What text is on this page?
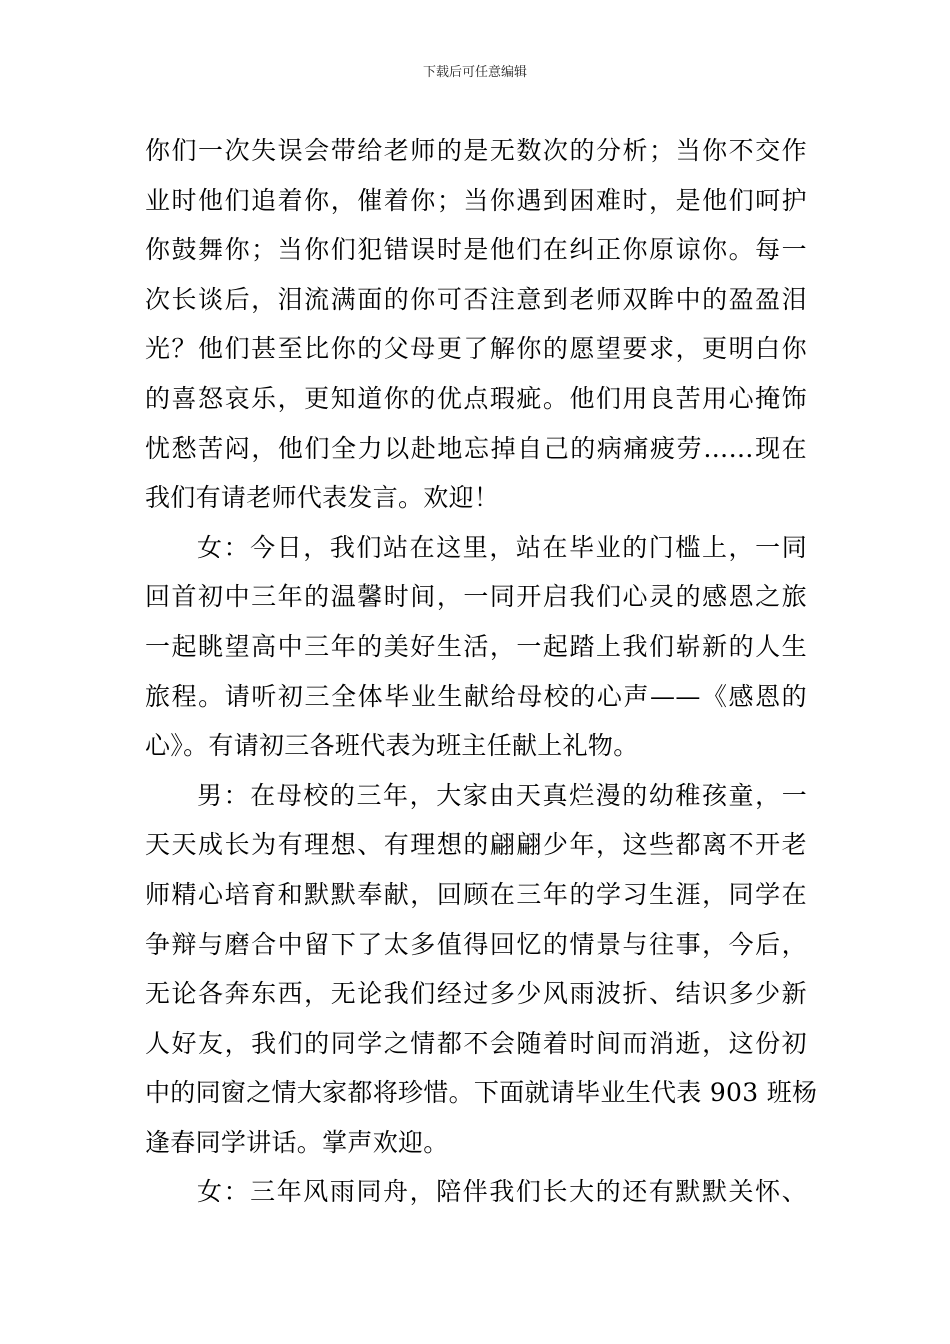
下载后可任意编辑
你们一次失误会带给老师的是无数次的分析；当你不交作
业时他们追着你，催着你；当你遇到困难时，是他们呵护
你鼓舞你；当你们犯错误时是他们在纠正你原谅你。每一
次长谈后，泪流满面的你可否注意到老师双眸中的盈盈泪
光？他们甚至比你的父母更了解你的愿望要求，更明白你
的喜怒哀乐，更知道你的优点瑕疵。他们用良苦用心掩饰
忧愁苦闷，他们全力以赴地忘掉自己的病痛疲劳……现在
我们有请老师代表发言。欢迎！
女：今日，我们站在这里，站在毕业的门槛上，一同
回首初中三年的温馨时间，一同开启我们心灵的感恩之旅
一起眺望高中三年的美好生活，一起踏上我们崭新的人生
旅程。请听初三全体毕业生献给母校的心声——《感恩的
心》。有请初三各班代表为班主任献上礼物。
男：在母校的三年，大家由天真烂漫的幼稚孩童，一
天天成长为有理想、有理想的翩翩少年，这些都离不开老
师精心培育和默默奉献，回顾在三年的学习生涯，同学在
争辩与磨合中留下了太多值得回忆的情景与往事，今后，
无论各奔东西，无论我们经过多少风雨波折、结识多少新
人好友，我们的同学之情都不会随着时间而消逝，这份初
中的同窗之情大家都将珍惜。下面就请毕业生代表 903 班杨
逢春同学讲话。掌声欢迎。
女：三年风雨同舟，陪伴我们长大的还有默默关怀、
